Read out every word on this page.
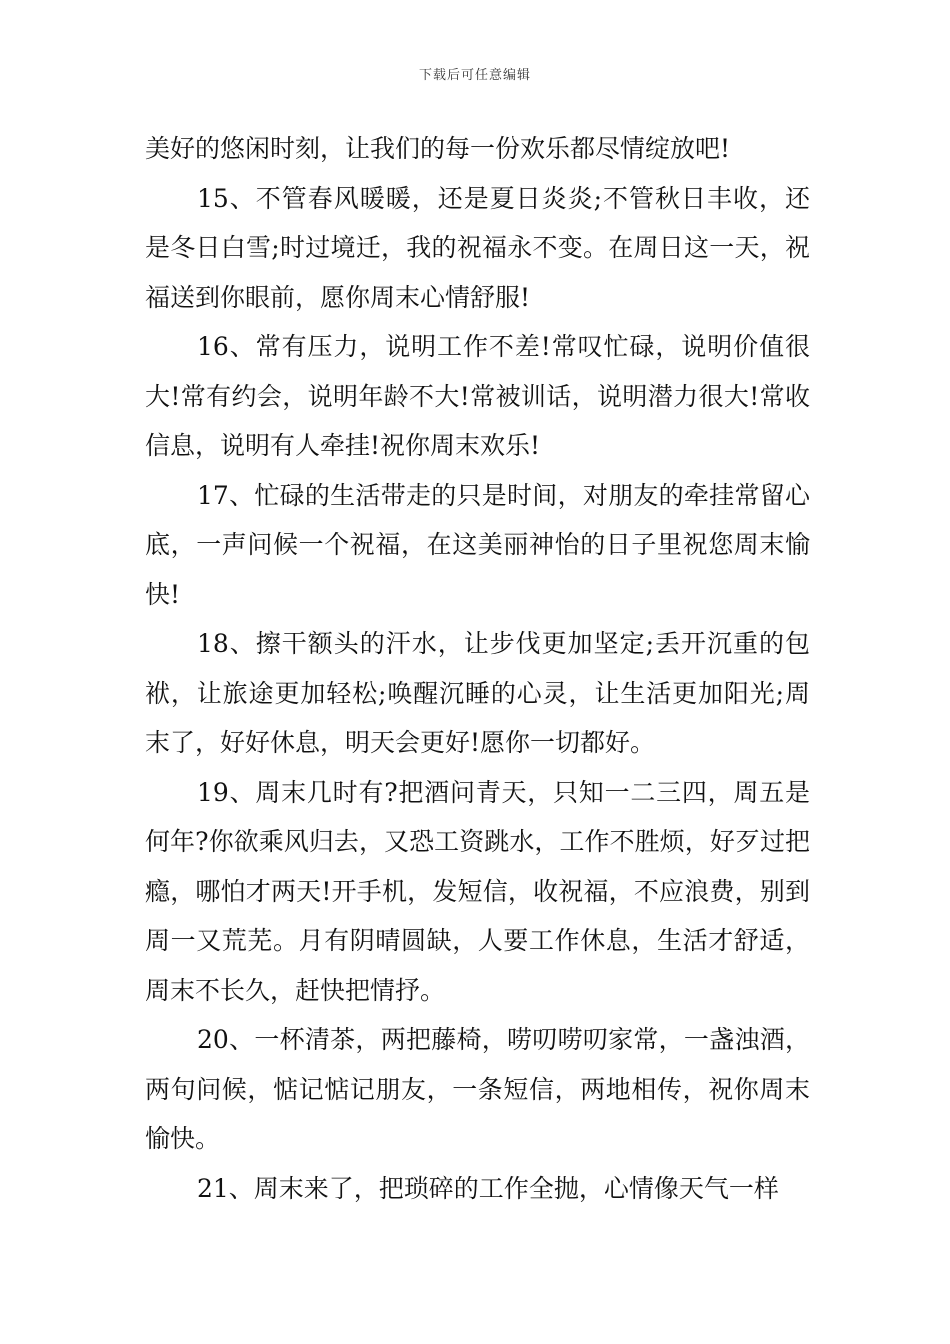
下载后可任意编辑

美好的悠闲时刻，让我们的每一份欢乐都尽情绽放吧!

15、不管春风暖暖，还是夏日炎炎;不管秋日丰收，还是冬日白雪;时过境迁，我的祝福永不变。在周日这一天，祝福送到你眼前，愿你周末心情舒服!

16、常有压力，说明工作不差!常叹忙碌，说明价值很大!常有约会，说明年龄不大!常被训话，说明潜力很大!常收信息，说明有人牵挂!祝你周末欢乐!

17、忙碌的生活带走的只是时间，对朋友的牵挂常留心底，一声问候一个祝福，在这美丽神怡的日子里祝您周末愉快!

18、擦干额头的汗水，让步伐更加坚定;丢开沉重的包袱，让旅途更加轻松;唤醒沉睡的心灵，让生活更加阳光;周末了，好好休息，明天会更好!愿你一切都好。

19、周末几时有?把酒问青天，只知一二三四，周五是何年?你欲乘风归去，又恐工资跳水，工作不胜烦，好歹过把瘾，哪怕才两天!开手机，发短信，收祝福，不应浪费，别到周一又荒芜。月有阴晴圆缺，人要工作休息，生活才舒适，周末不长久，赶快把情抒。

20、一杯清茶，两把藤椅，唠叨唠叨家常，一盏浊酒，两句问候，惦记惦记朋友，一条短信，两地相传，祝你周末愉快。

21、周末来了，把琐碎的工作全抛，心情像天气一样
